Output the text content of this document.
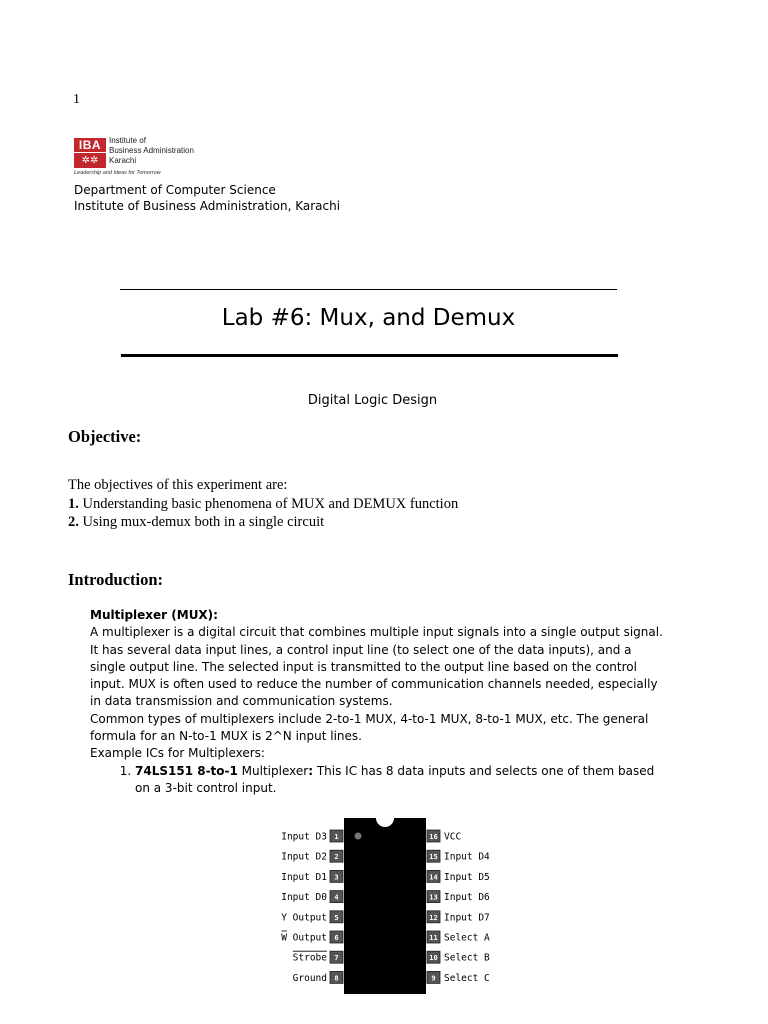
1
IBA
✲✲
Institute of
Business Administration
Karachi
Leadership and Ideas for Tomorrow
Department of Computer Science
Institute of Business Administration, Karachi
Lab #6: Mux, and Demux
Digital Logic Design
Objective:
The objectives of this experiment are:
1. Understanding basic phenomena of MUX and DEMUX function
2. Using mux-demux both in a single circuit
Introduction:
Multiplexer (MUX):
A multiplexer is a digital circuit that combines multiple input signals into a single output signal. It has several data input lines, a control input line (to select one of the data inputs), and a single output line. The selected input is transmitted to the output line based on the control input. MUX is often used to reduce the number of communication channels needed, especially in data transmission and communication systems.
Common types of multiplexers include 2-to-1 MUX, 4-to-1 MUX, 8-to-1 MUX, etc. The general formula for an N-to-1 MUX is 2^N input lines.
Example ICs for Multiplexers:
1. 74LS151 8-to-1 Multiplexer: This IC has 8 data inputs and selects one of them based on a 3-bit control input.
1
Input D3
2
Input D2
3
Input D1
4
Input D0
5
Y Output
6
W Output
7
Strobe
8
Ground
16 VCC
15 Input D4
14 Input D5
13 Input D6
12 Input D7
11 Select A
10 Select B
9 Select C
